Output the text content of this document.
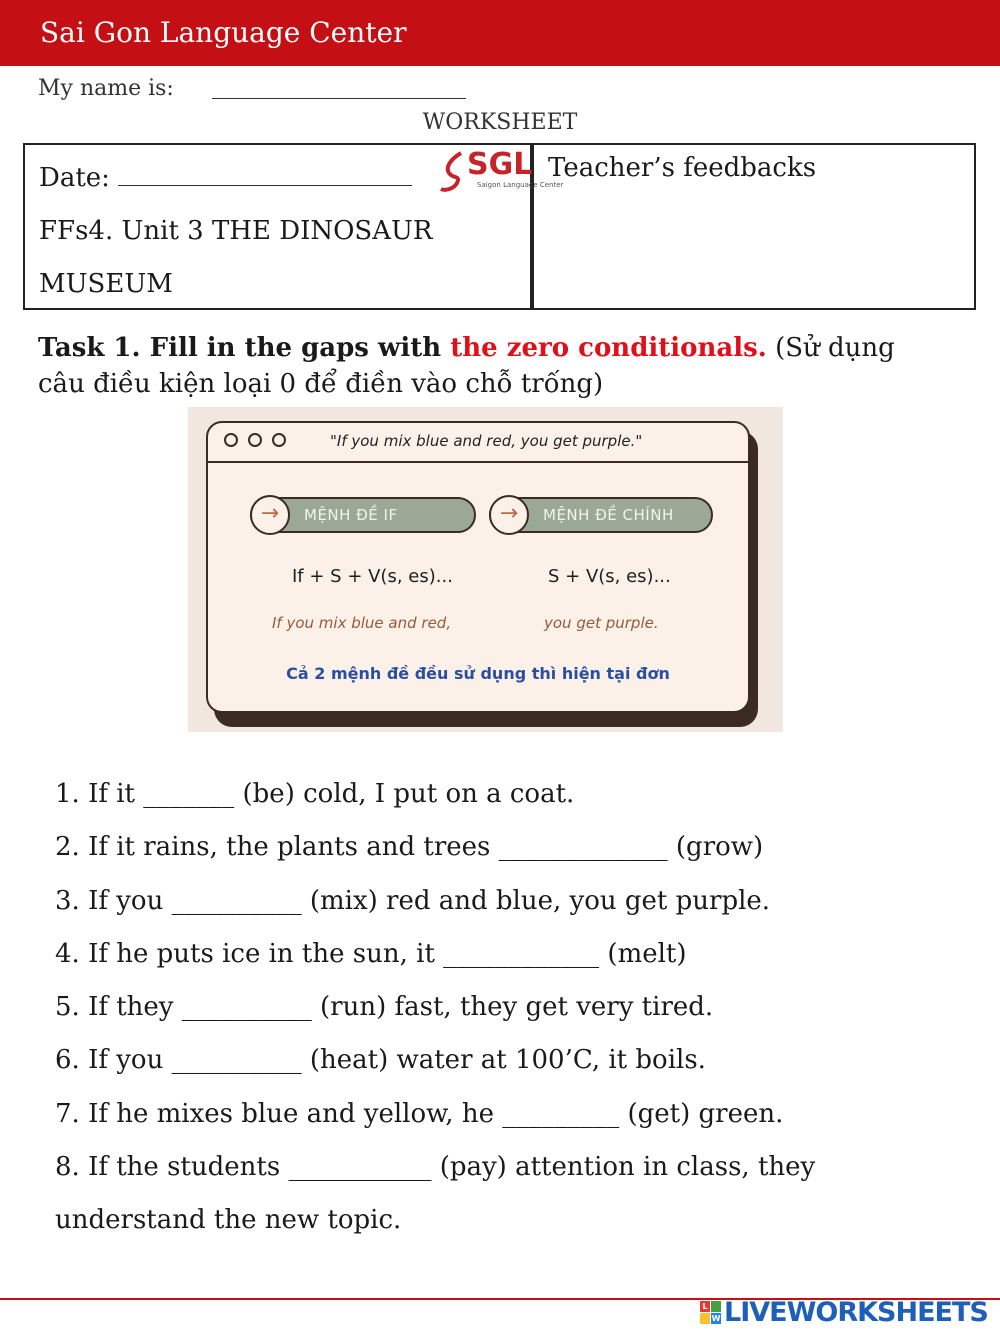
Sai Gon Language Center
My name is:
WORKSHEET
Date:
FFs4. Unit 3 THE DINOSAUR
MUSEUM
SGL
Saigon Language Center
Teacher’s feedbacks
Task 1. Fill in the gaps with the zero conditionals. (Sử dụng câu điều kiện loại 0 để điền vào chỗ trống)
"If you mix blue and red, you get purple."
→	MỆNH ĐỀ IF	→	MỆNH ĐỀ CHÍNH
If + S + V(s, es)...	S + V(s, es)...
If you mix blue and red,	you get purple.
Cả 2 mệnh đề đều sử dụng thì hiện tại đơn
1. If it _______ (be) cold, I put on a coat.
2. If it rains, the plants and trees _____________ (grow)
3. If you __________ (mix) red and blue, you get purple.
4. If he puts ice in the sun, it ____________ (melt)
5. If they __________ (run) fast, they get very tired.
6. If you __________ (heat) water at 100’C, it boils.
7. If he mixes blue and yellow, he _________ (get) green.
8. If the students ___________ (pay) attention in class, they
understand the new topic.
L
W LIVEWORKSHEETS
